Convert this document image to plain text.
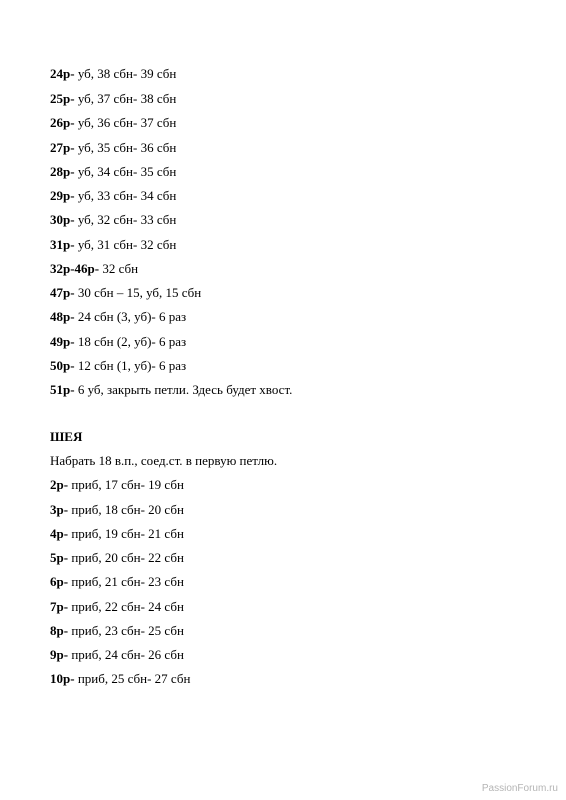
24р- уб, 38 сбн- 39 сбн
25р- уб, 37 сбн- 38 сбн
26р- уб, 36 сбн- 37 сбн
27р- уб, 35 сбн- 36 сбн
28р- уб, 34 сбн- 35 сбн
29р- уб, 33 сбн- 34 сбн
30р- уб, 32 сбн- 33 сбн
31р- уб, 31 сбн- 32 сбн
32р-46р- 32 сбн
47р- 30 сбн – 15, уб, 15 сбн
48р- 24 сбн (3, уб)- 6 раз
49р- 18 сбн (2, уб)- 6 раз
50р- 12 сбн (1, уб)- 6 раз
51р- 6 уб, закрыть петли. Здесь будет хвост.
ШЕЯ
Набрать 18 в.п., соед.ст. в первую петлю.
2р- приб, 17 сбн- 19 сбн
3р- приб, 18 сбн- 20 сбн
4р- приб, 19 сбн- 21 сбн
5р- приб, 20 сбн- 22 сбн
6р- приб, 21 сбн- 23 сбн
7р- приб, 22 сбн- 24 сбн
8р- приб, 23 сбн- 25 сбн
9р- приб, 24 сбн- 26 сбн
10р- приб, 25 сбн- 27 сбн
PassionForum.ru
